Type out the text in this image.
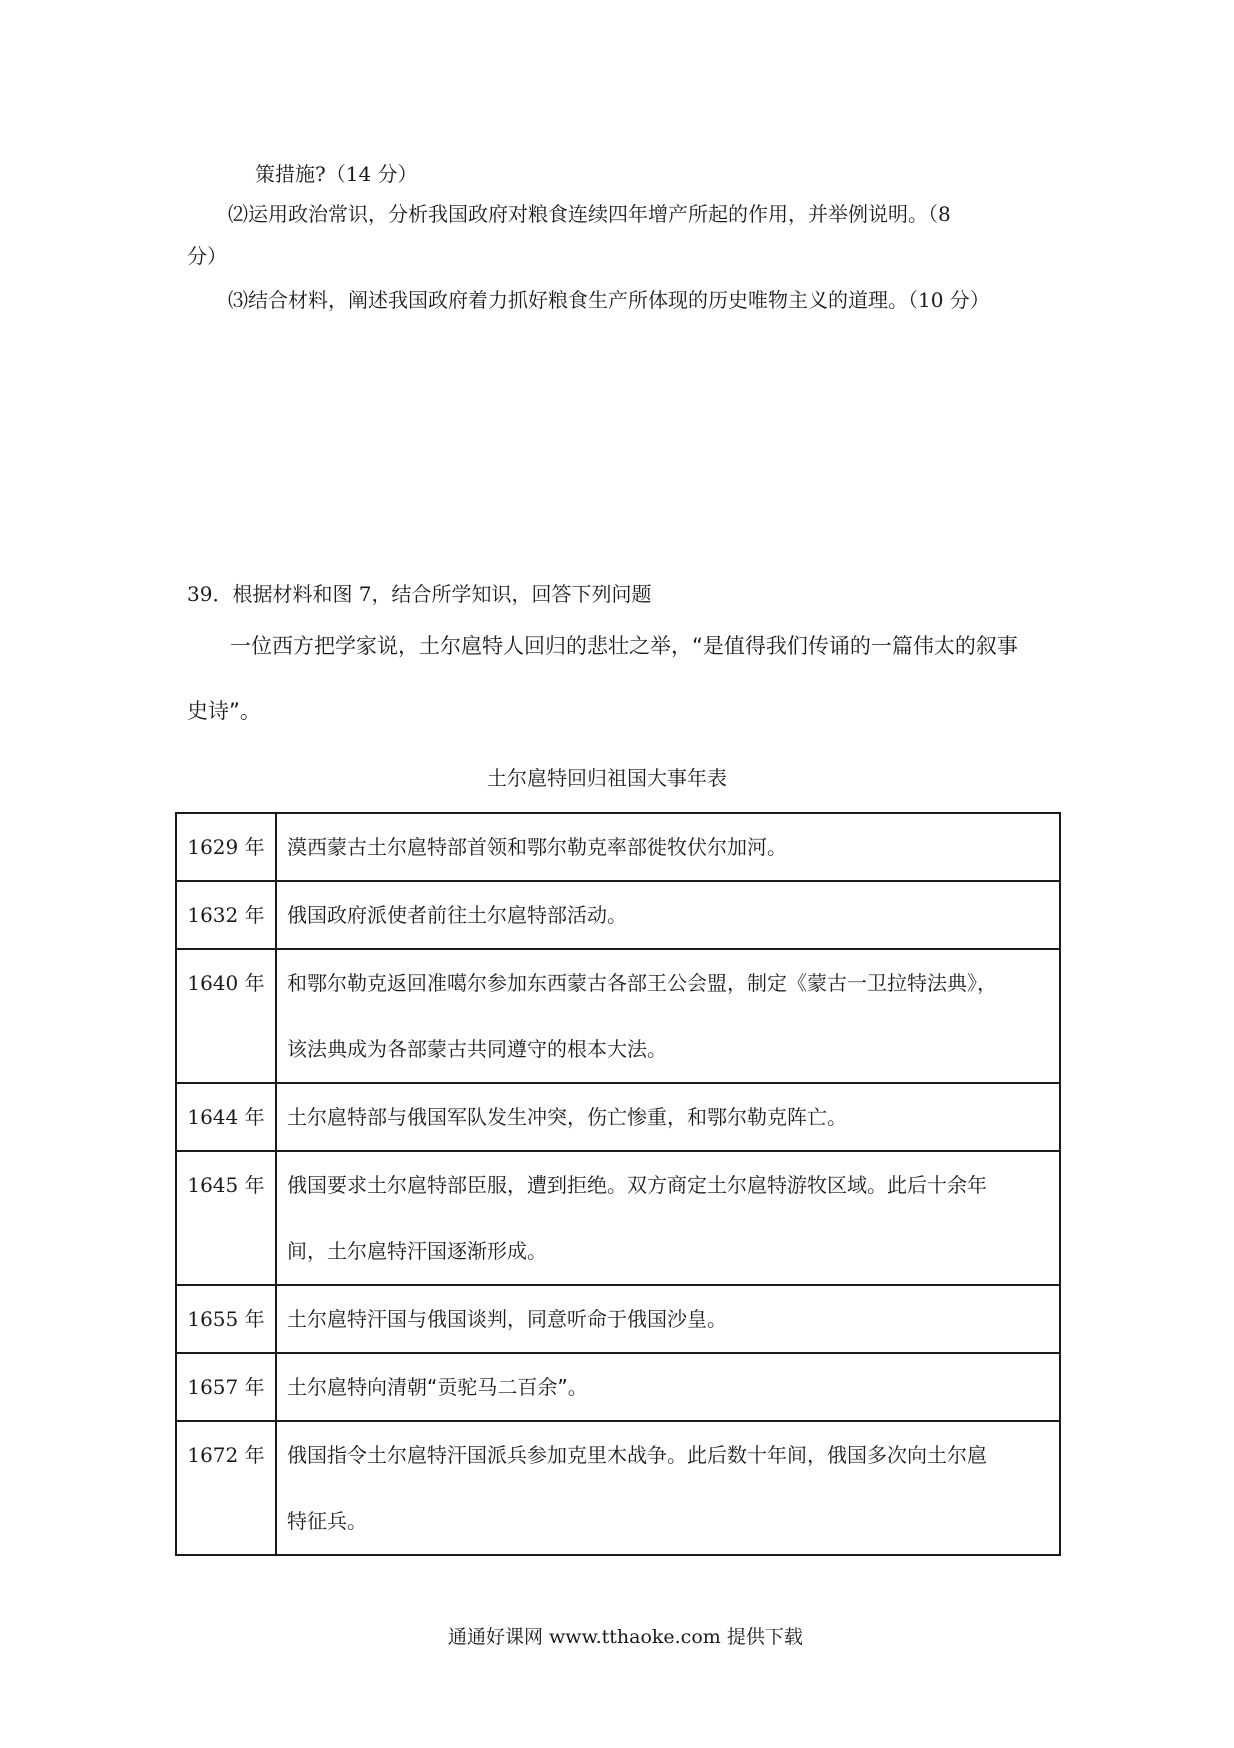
策措施?（14 分）
⑵运用政治常识，分析我国政府对粮食连续四年增产所起的作用，并举例说明。（8
分）
⑶结合材料，阐述我国政府着力抓好粮食生产所体现的历史唯物主义的道理。（10 分）
39．根据材料和图 7，结合所学知识，回答下列问题
一位西方把学家说，土尔扈特人回归的悲壮之举，“是值得我们传诵的一篇伟太的叙事
史诗”。
土尔扈特回归祖国大事年表
1629 年	漠西蒙古土尔扈特部首领和鄂尔勒克率部徙牧伏尔加河。

1632 年	俄国政府派使者前往土尔扈特部活动。

1640 年	和鄂尔勒克返回准噶尔参加东西蒙古各部王公会盟，制定《蒙古一卫拉特法典》，
该法典成为各部蒙古共同遵守的根本大法。

1644 年	土尔扈特部与俄国军队发生冲突，伤亡惨重，和鄂尔勒克阵亡。

1645 年	俄国要求土尔扈特部臣服，遭到拒绝。双方商定土尔扈特游牧区域。此后十余年
间，土尔扈特汗国逐渐形成。

1655 年	土尔扈特汗国与俄国谈判，同意听命于俄国沙皇。

1657 年	土尔扈特向清朝“贡驼马二百余”。

1672 年	俄国指令土尔扈特汗国派兵参加克里木战争。此后数十年间，俄国多次向土尔扈
特征兵。
通通好课网 www.tthaoke.com 提供下载
